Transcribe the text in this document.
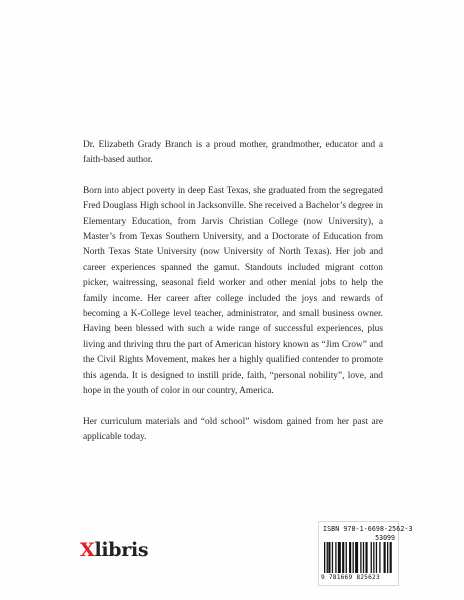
Dr. Elizabeth Grady Branch is a proud mother, grandmother, educator and a faith-based author.

Born into abject poverty in deep East Texas, she graduated from the segregated Fred Douglass High school in Jacksonville. She received a Bachelor’s degree in Elementary Education, from Jarvis Christian College (now University), a Master’s from Texas Southern University, and a Doctorate of Education from North Texas State University (now University of North Texas). Her job and career experiences spanned the gamut. Standouts included migrant cotton picker, waitressing, seasonal field worker and other menial jobs to help the family income. Her career after college included the joys and rewards of becoming a K-College level teacher, administrator, and small business owner. Having been blessed with such a wide range of successful experiences, plus living and thriving thru the part of American history known as “Jim Crow” and the Civil Rights Movement, makes her a highly qualified contender to promote this agenda. It is designed to instill pride, faith, “personal nobility”, love, and hope in the youth of color in our country, America.

Her curriculum materials and “old school” wisdom gained from her past are applicable today.

Xlibris
ISBN 978-1-6698-2562-3
53099
9 781669 825623
